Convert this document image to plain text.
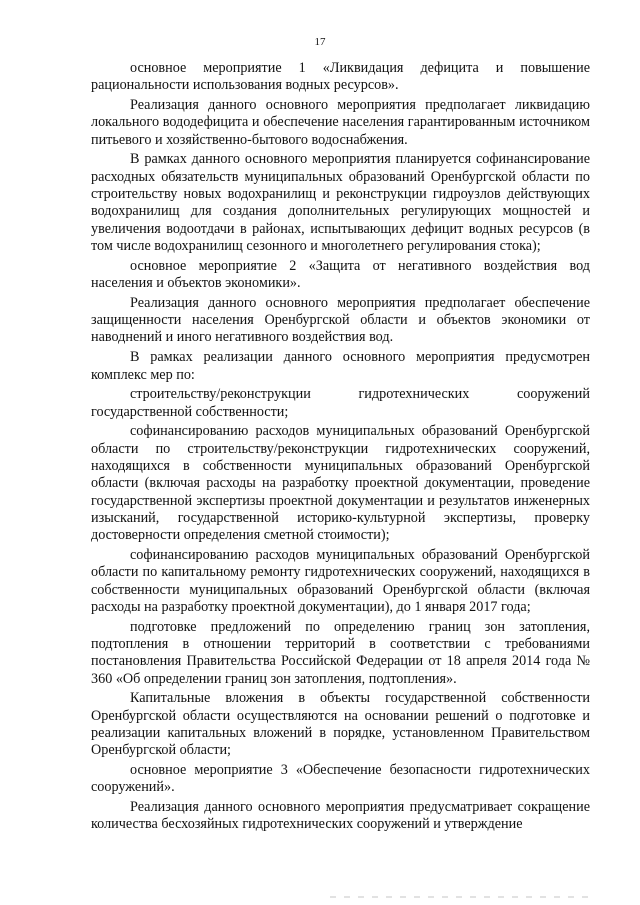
17

основное мероприятие 1 «Ликвидация дефицита и повышение рациональности использования водных ресурсов».

Реализация данного основного мероприятия предполагает ликвидацию локального вододефицита и обеспечение населения гарантированным источником питьевого и хозяйственно-бытового водоснабжения.

В рамках данного основного мероприятия планируется софинансирование расходных обязательств муниципальных образований Оренбургской области по строительству новых водохранилищ и реконструкции гидроузлов действующих водохранилищ для создания дополнительных регулирующих мощностей и увеличения водоотдачи в районах, испытывающих дефицит водных ресурсов (в том числе водохранилищ сезонного и многолетнего регулирования стока);

основное мероприятие 2 «Защита от негативного воздействия вод населения и объектов экономики».

Реализация данного основного мероприятия предполагает обеспечение защищенности населения Оренбургской области и объектов экономики от наводнений и иного негативного воздействия вод.

В рамках реализации данного основного мероприятия предусмотрен комплекс мер по:

строительству/реконструкции гидротехнических сооружений государственной собственности;

софинансированию расходов муниципальных образований Оренбургской области по строительству/реконструкции гидротехнических сооружений, находящихся в собственности муниципальных образований Оренбургской области (включая расходы на разработку проектной документации, проведение государственной экспертизы проектной документации и результатов инженерных изысканий, государственной историко-культурной экспертизы, проверку достоверности определения сметной стоимости);

софинансированию расходов муниципальных образований Оренбургской области по капитальному ремонту гидротехнических сооружений, находящихся в собственности муниципальных образований Оренбургской области (включая расходы на разработку проектной документации), до 1 января 2017 года;

подготовке предложений по определению границ зон затопления, подтопления в отношении территорий в соответствии с требованиями постановления Правительства Российской Федерации от 18 апреля 2014 года № 360 «Об определении границ зон затопления, подтопления».

Капитальные вложения в объекты государственной собственности Оренбургской области осуществляются на основании решений о подготовке и реализации капитальных вложений в порядке, установленном Правительством Оренбургской области;

основное мероприятие 3 «Обеспечение безопасности гидротехнических сооружений».

Реализация данного основного мероприятия предусматривает сокращение количества бесхозяйных гидротехнических сооружений и утверждение
